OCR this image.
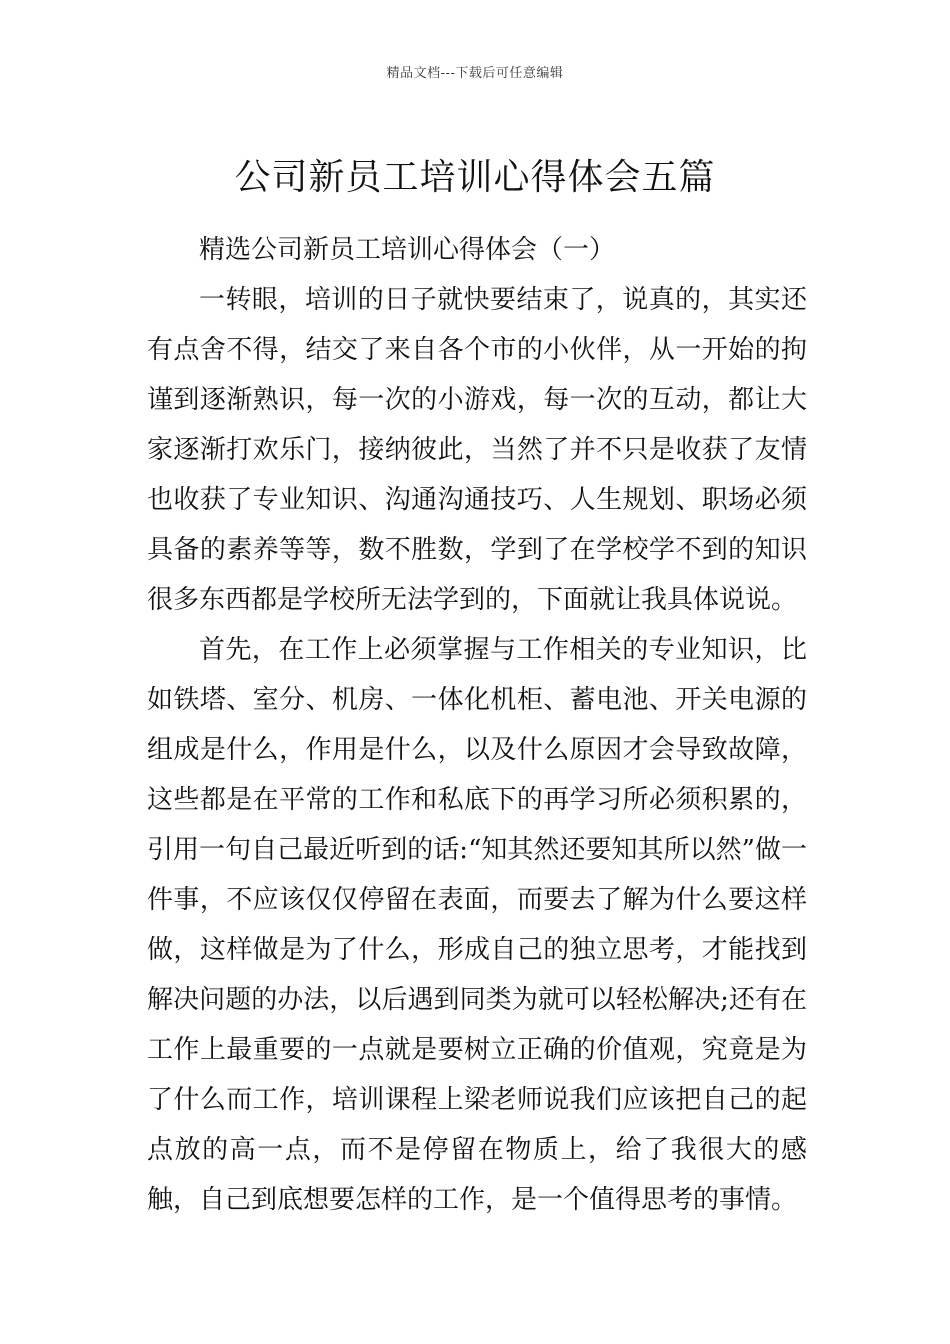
精品文档---下载后可任意编辑
公司新员工培训心得体会五篇

精选公司新员工培训心得体会（一）

一转眼，培训的日子就快要结束了，说真的，其实还有点舍不得，结交了来自各个市的小伙伴，从一开始的拘谨到逐渐熟识，每一次的小游戏，每一次的互动，都让大家逐渐打欢乐门，接纳彼此，当然了并不只是收获了友情也收获了专业知识、沟通沟通技巧、人生规划、职场必须具备的素养等等，数不胜数，学到了在学校学不到的知识很多东西都是学校所无法学到的，下面就让我具体说说。

首先，在工作上必须掌握与工作相关的专业知识，比如铁塔、室分、机房、一体化机柜、蓄电池、开关电源的组成是什么，作用是什么，以及什么原因才会导致故障，这些都是在平常的工作和私底下的再学习所必须积累的，引用一句自己最近听到的话:“知其然还要知其所以然”做一件事，不应该仅仅停留在表面，而要去了解为什么要这样做，这样做是为了什么，形成自己的独立思考，才能找到解决问题的办法，以后遇到同类为就可以轻松解决;还有在工作上最重要的一点就是要树立正确的价值观，究竟是为了什么而工作，培训课程上梁老师说我们应该把自己的起点放的高一点，而不是停留在物质上，给了我很大的感触，自己到底想要怎样的工作，是一个值得思考的事情。
